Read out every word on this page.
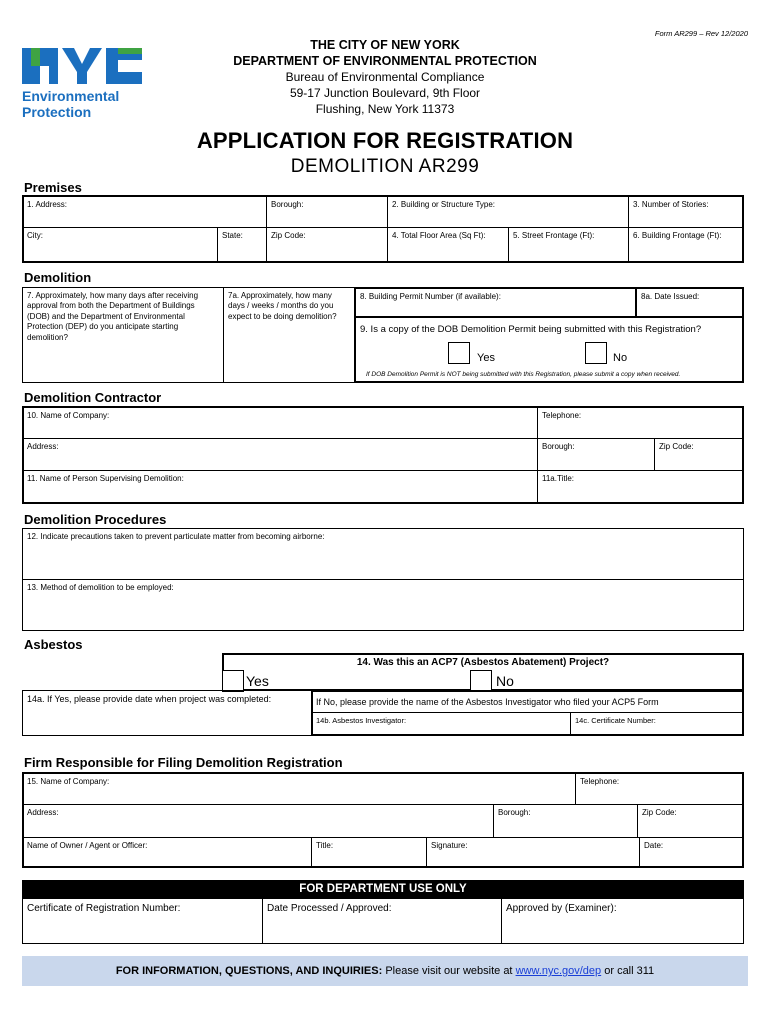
Form AR299 – Rev 12/2020
Environmental
Protection
THE CITY OF NEW YORK
DEPARTMENT OF ENVIRONMENTAL PROTECTION
Bureau of Environmental Compliance
59-17 Junction Boulevard, 9th Floor
Flushing, New York 11373
APPLICATION FOR REGISTRATION
DEMOLITION AR299
Premises
1. Address:	Borough:	2. Building or Structure Type:	3. Number of Stories:
City:	State:	Zip Code:	4. Total Floor Area (Sq Ft):	5. Street Frontage (Ft):	6. Building Frontage (Ft):
Demolition
7. Approximately, how many days after receiving approval from both the Department of Buildings (DOB) and the Department of Environmental Protection (DEP) do you anticipate starting demolition?
7a. Approximately, how many days / weeks / months do you expect to be doing demolition?
8. Building Permit Number (if available):	8a. Date Issued:
9. Is a copy of the DOB Demolition Permit being submitted with this Registration?
Yes	No
If DOB Demolition Permit is NOT being submitted with this Registration, please submit a copy when received.
Demolition Contractor
10. Name of Company:	Telephone:
Address:	Borough:	Zip Code:
11. Name of Person Supervising Demolition:	11a.Title:
Demolition Procedures
12. Indicate precautions taken to prevent particulate matter from becoming airborne:
13. Method of demolition to be employed:
Asbestos
14. Was this an ACP7 (Asbestos Abatement) Project?
Yes	No
14a. If Yes, please provide date when project was completed:	If No, please provide the name of the Asbestos Investigator who filed your ACP5 Form
14b. Asbestos Investigator:	14c. Certificate Number:
Firm Responsible for Filing Demolition Registration
15. Name of Company:	Telephone:
Address:	Borough:	Zip Code:
Name of Owner / Agent or Officer:	Title:	Signature:	Date:
FOR DEPARTMENT USE ONLY
Certificate of Registration Number:	Date Processed / Approved:	Approved by (Examiner):
FOR INFORMATION, QUESTIONS, AND INQUIRIES: Please visit our website at www.nyc.gov/dep or call 311
